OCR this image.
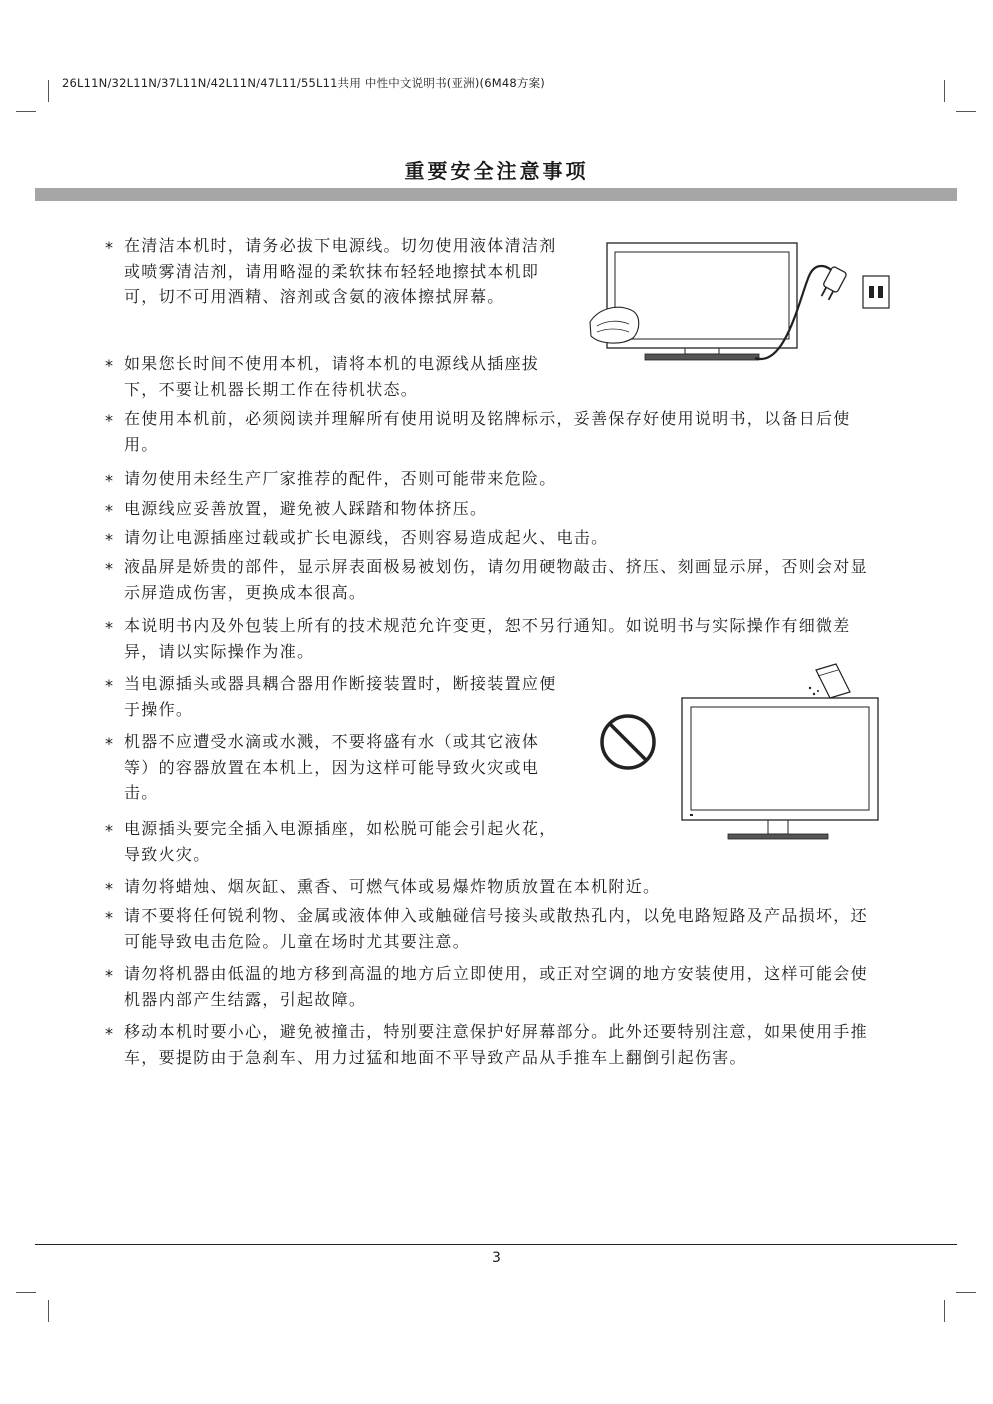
26L11N/32L11N/37L11N/42L11N/47L11/55L11共用 中性中文说明书(亚洲)(6M48方案)
重要安全注意事项
* 在清洁本机时，请务必拔下电源线。切勿使用液体清洁剂或喷雾清洁剂，请用略湿的柔软抹布轻轻地擦拭本机即可，切不可用酒精、溶剂或含氨的液体擦拭屏幕。
* 如果您长时间不使用本机，请将本机的电源线从插座拔下，不要让机器长期工作在待机状态。
* 在使用本机前，必须阅读并理解所有使用说明及铭牌标示，妥善保存好使用说明书，以备日后使用。
* 请勿使用未经生产厂家推荐的配件，否则可能带来危险。
* 电源线应妥善放置，避免被人踩踏和物体挤压。
* 请勿让电源插座过载或扩长电源线，否则容易造成起火、电击。
* 液晶屏是娇贵的部件，显示屏表面极易被划伤，请勿用硬物敲击、挤压、刻画显示屏，否则会对显示屏造成伤害，更换成本很高。
* 本说明书内及外包装上所有的技术规范允许变更，恕不另行通知。如说明书与实际操作有细微差异，请以实际操作为准。
* 当电源插头或器具耦合器用作断接装置时，断接装置应便于操作。
* 机器不应遭受水滴或水溅，不要将盛有水（或其它液体等）的容器放置在本机上，因为这样可能导致火灾或电击。
* 电源插头要完全插入电源插座，如松脱可能会引起火花，导致火灾。
* 请勿将蜡烛、烟灰缸、熏香、可燃气体或易爆炸物质放置在本机附近。
* 请不要将任何锐利物、金属或液体伸入或触碰信号接头或散热孔内，以免电路短路及产品损坏，还可能导致电击危险。儿童在场时尤其要注意。
* 请勿将机器由低温的地方移到高温的地方后立即使用，或正对空调的地方安装使用，这样可能会使机器内部产生结露，引起故障。
* 移动本机时要小心，避免被撞击，特别要注意保护好屏幕部分。此外还要特别注意，如果使用手推车，要提防由于急刹车、用力过猛和地面不平导致产品从手推车上翻倒引起伤害。
3
